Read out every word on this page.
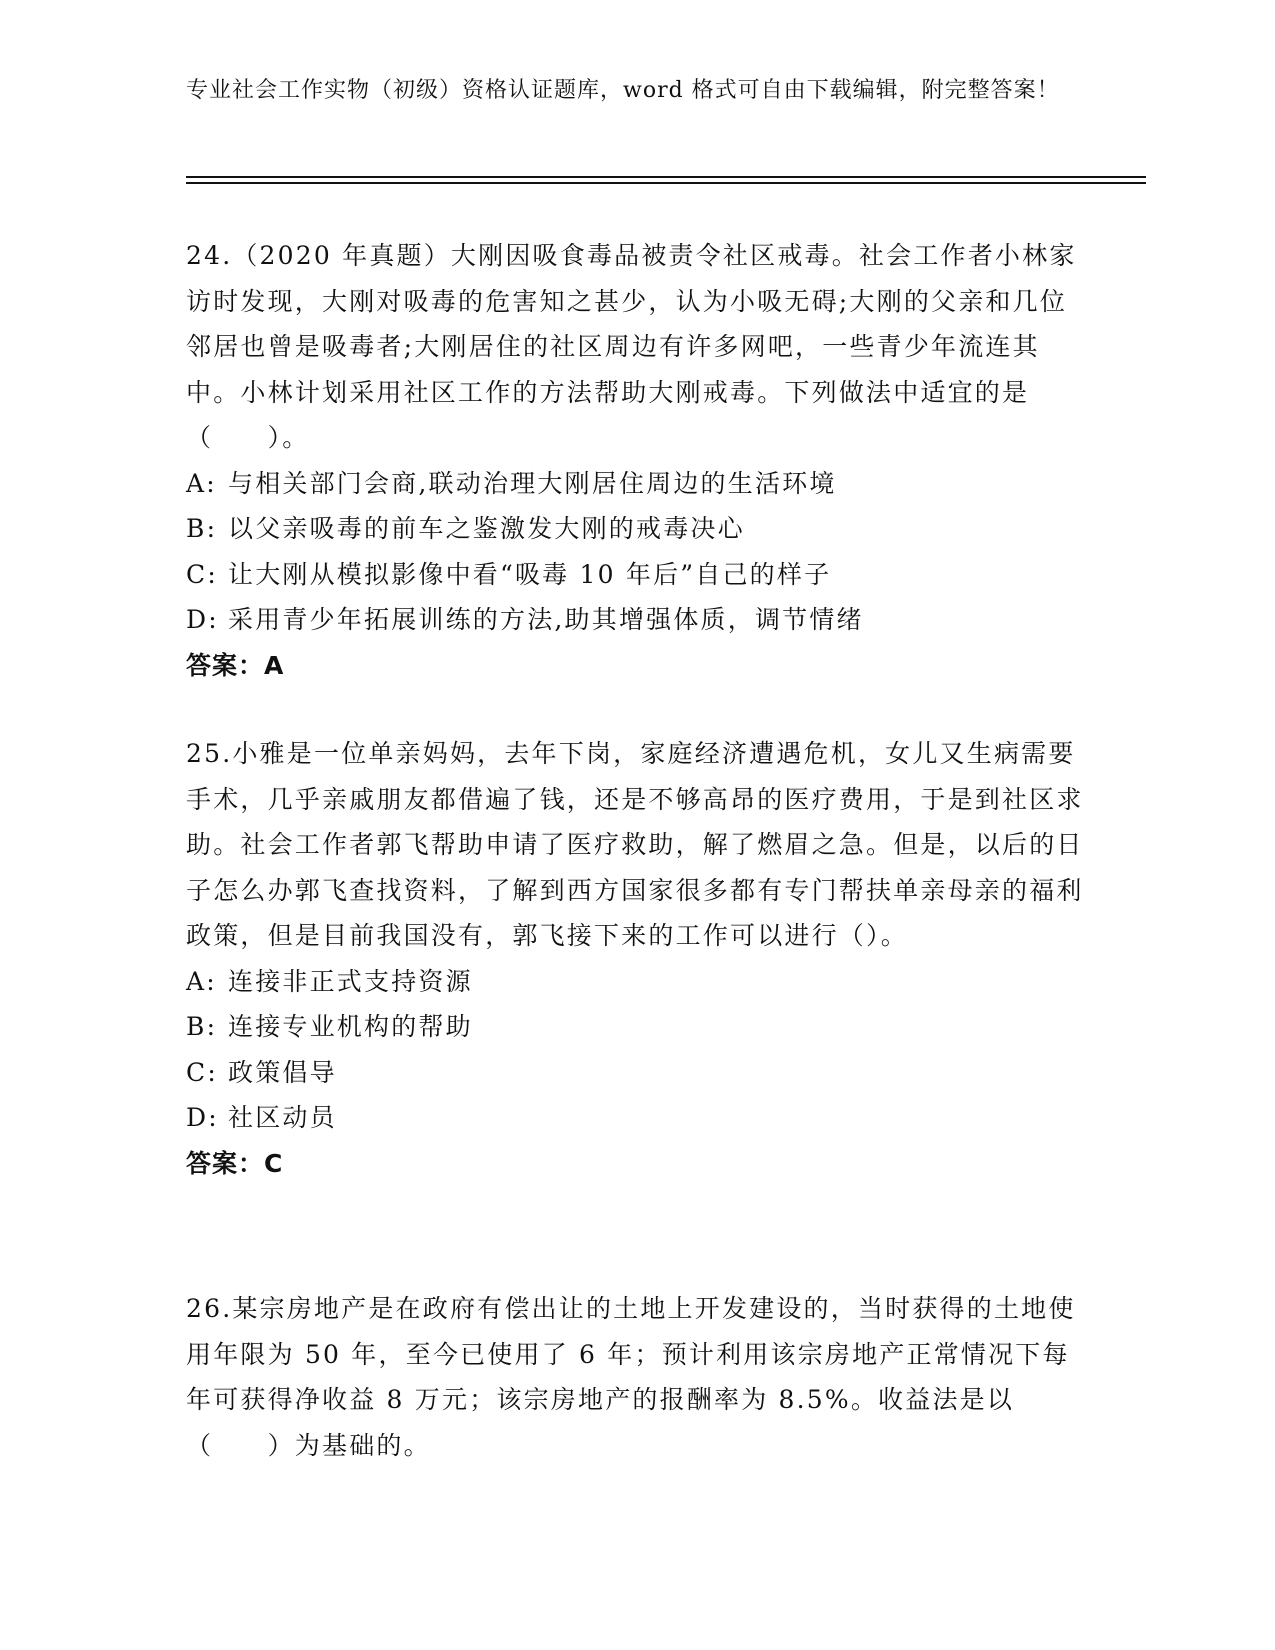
专业社会工作实物（初级）资格认证题库，word 格式可自由下载编辑，附完整答案！
24.（2020 年真题）大刚因吸食毒品被责令社区戒毒。社会工作者小林家访时发现，大刚对吸毒的危害知之甚少，认为小吸无碍;大刚的父亲和几位邻居也曾是吸毒者;大刚居住的社区周边有许多网吧，一些青少年流连其中。小林计划采用社区工作的方法帮助大刚戒毒。下列做法中适宜的是（　　）。
A: 与相关部门会商,联动治理大刚居住周边的生活环境
B: 以父亲吸毒的前车之鉴激发大刚的戒毒决心
C: 让大刚从模拟影像中看“吸毒 10 年后”自己的样子
D: 采用青少年拓展训练的方法,助其增强体质，调节情绪
答案：A
25.小雅是一位单亲妈妈，去年下岗，家庭经济遭遇危机，女儿又生病需要手术，几乎亲戚朋友都借遍了钱，还是不够高昂的医疗费用，于是到社区求助。社会工作者郭飞帮助申请了医疗救助，解了燃眉之急。但是，以后的日子怎么办郭飞查找资料，了解到西方国家很多都有专门帮扶单亲母亲的福利政策，但是目前我国没有，郭飞接下来的工作可以进行（）。
A: 连接非正式支持资源
B: 连接专业机构的帮助
C: 政策倡导
D: 社区动员
答案：C
26.某宗房地产是在政府有偿出让的土地上开发建设的，当时获得的土地使用年限为 50 年，至今已使用了 6 年；预计利用该宗房地产正常情况下每年可获得净收益 8 万元；该宗房地产的报酬率为 8.5%。收益法是以（　　）为基础的。
